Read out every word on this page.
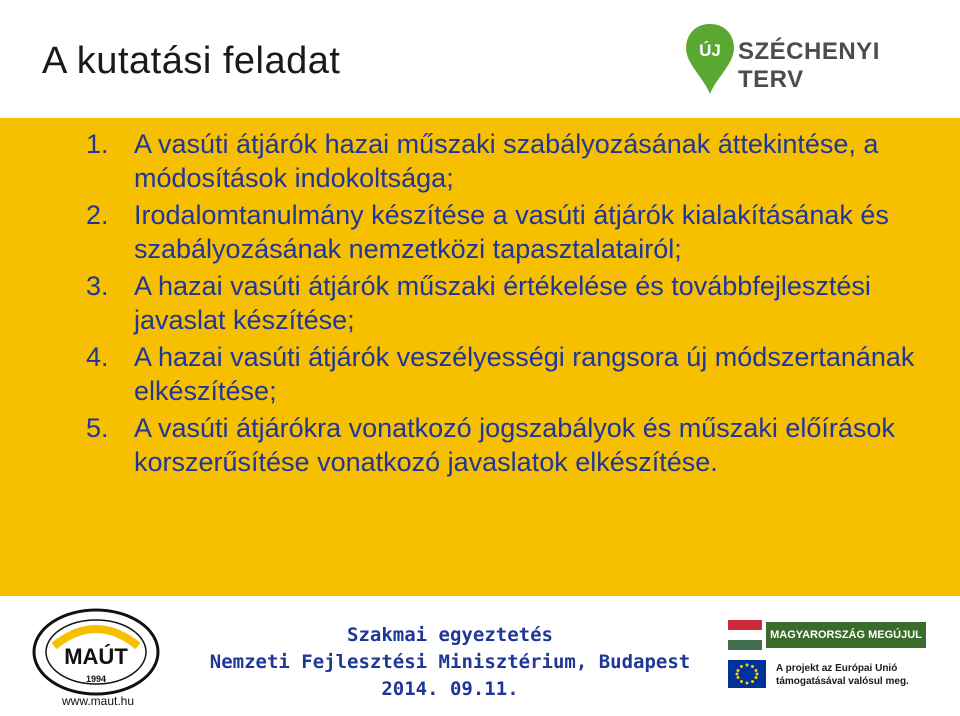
A kutatási feladat	ÚJ SZÉCHENYI TERV
1. A vasúti átjárók hazai műszaki szabályozásának áttekintése, a módosítások indokoltsága;
2. Irodalomtanulmány készítése a vasúti átjárók kialakításának és szabályozásának nemzetközi tapasztalatairól;
3. A hazai vasúti átjárók műszaki értékelése és továbbfejlesztési javaslat készítése;
4. A hazai vasúti átjárók veszélyességi rangsora új módszertanának elkészítése;
5. A vasúti átjárókra vonatkozó jogszabályok és műszaki előírások korszerűsítése vonatkozó javaslatok elkészítése.
MAÚT
1994
www.maut.hu
Szakmai egyeztetés
Nemzeti Fejlesztési Minisztérium, Budapest
2014. 09.11.
MAGYARORSZÁG MEGÚJUL
A projekt az Európai Unió
támogatásával valósul meg.
